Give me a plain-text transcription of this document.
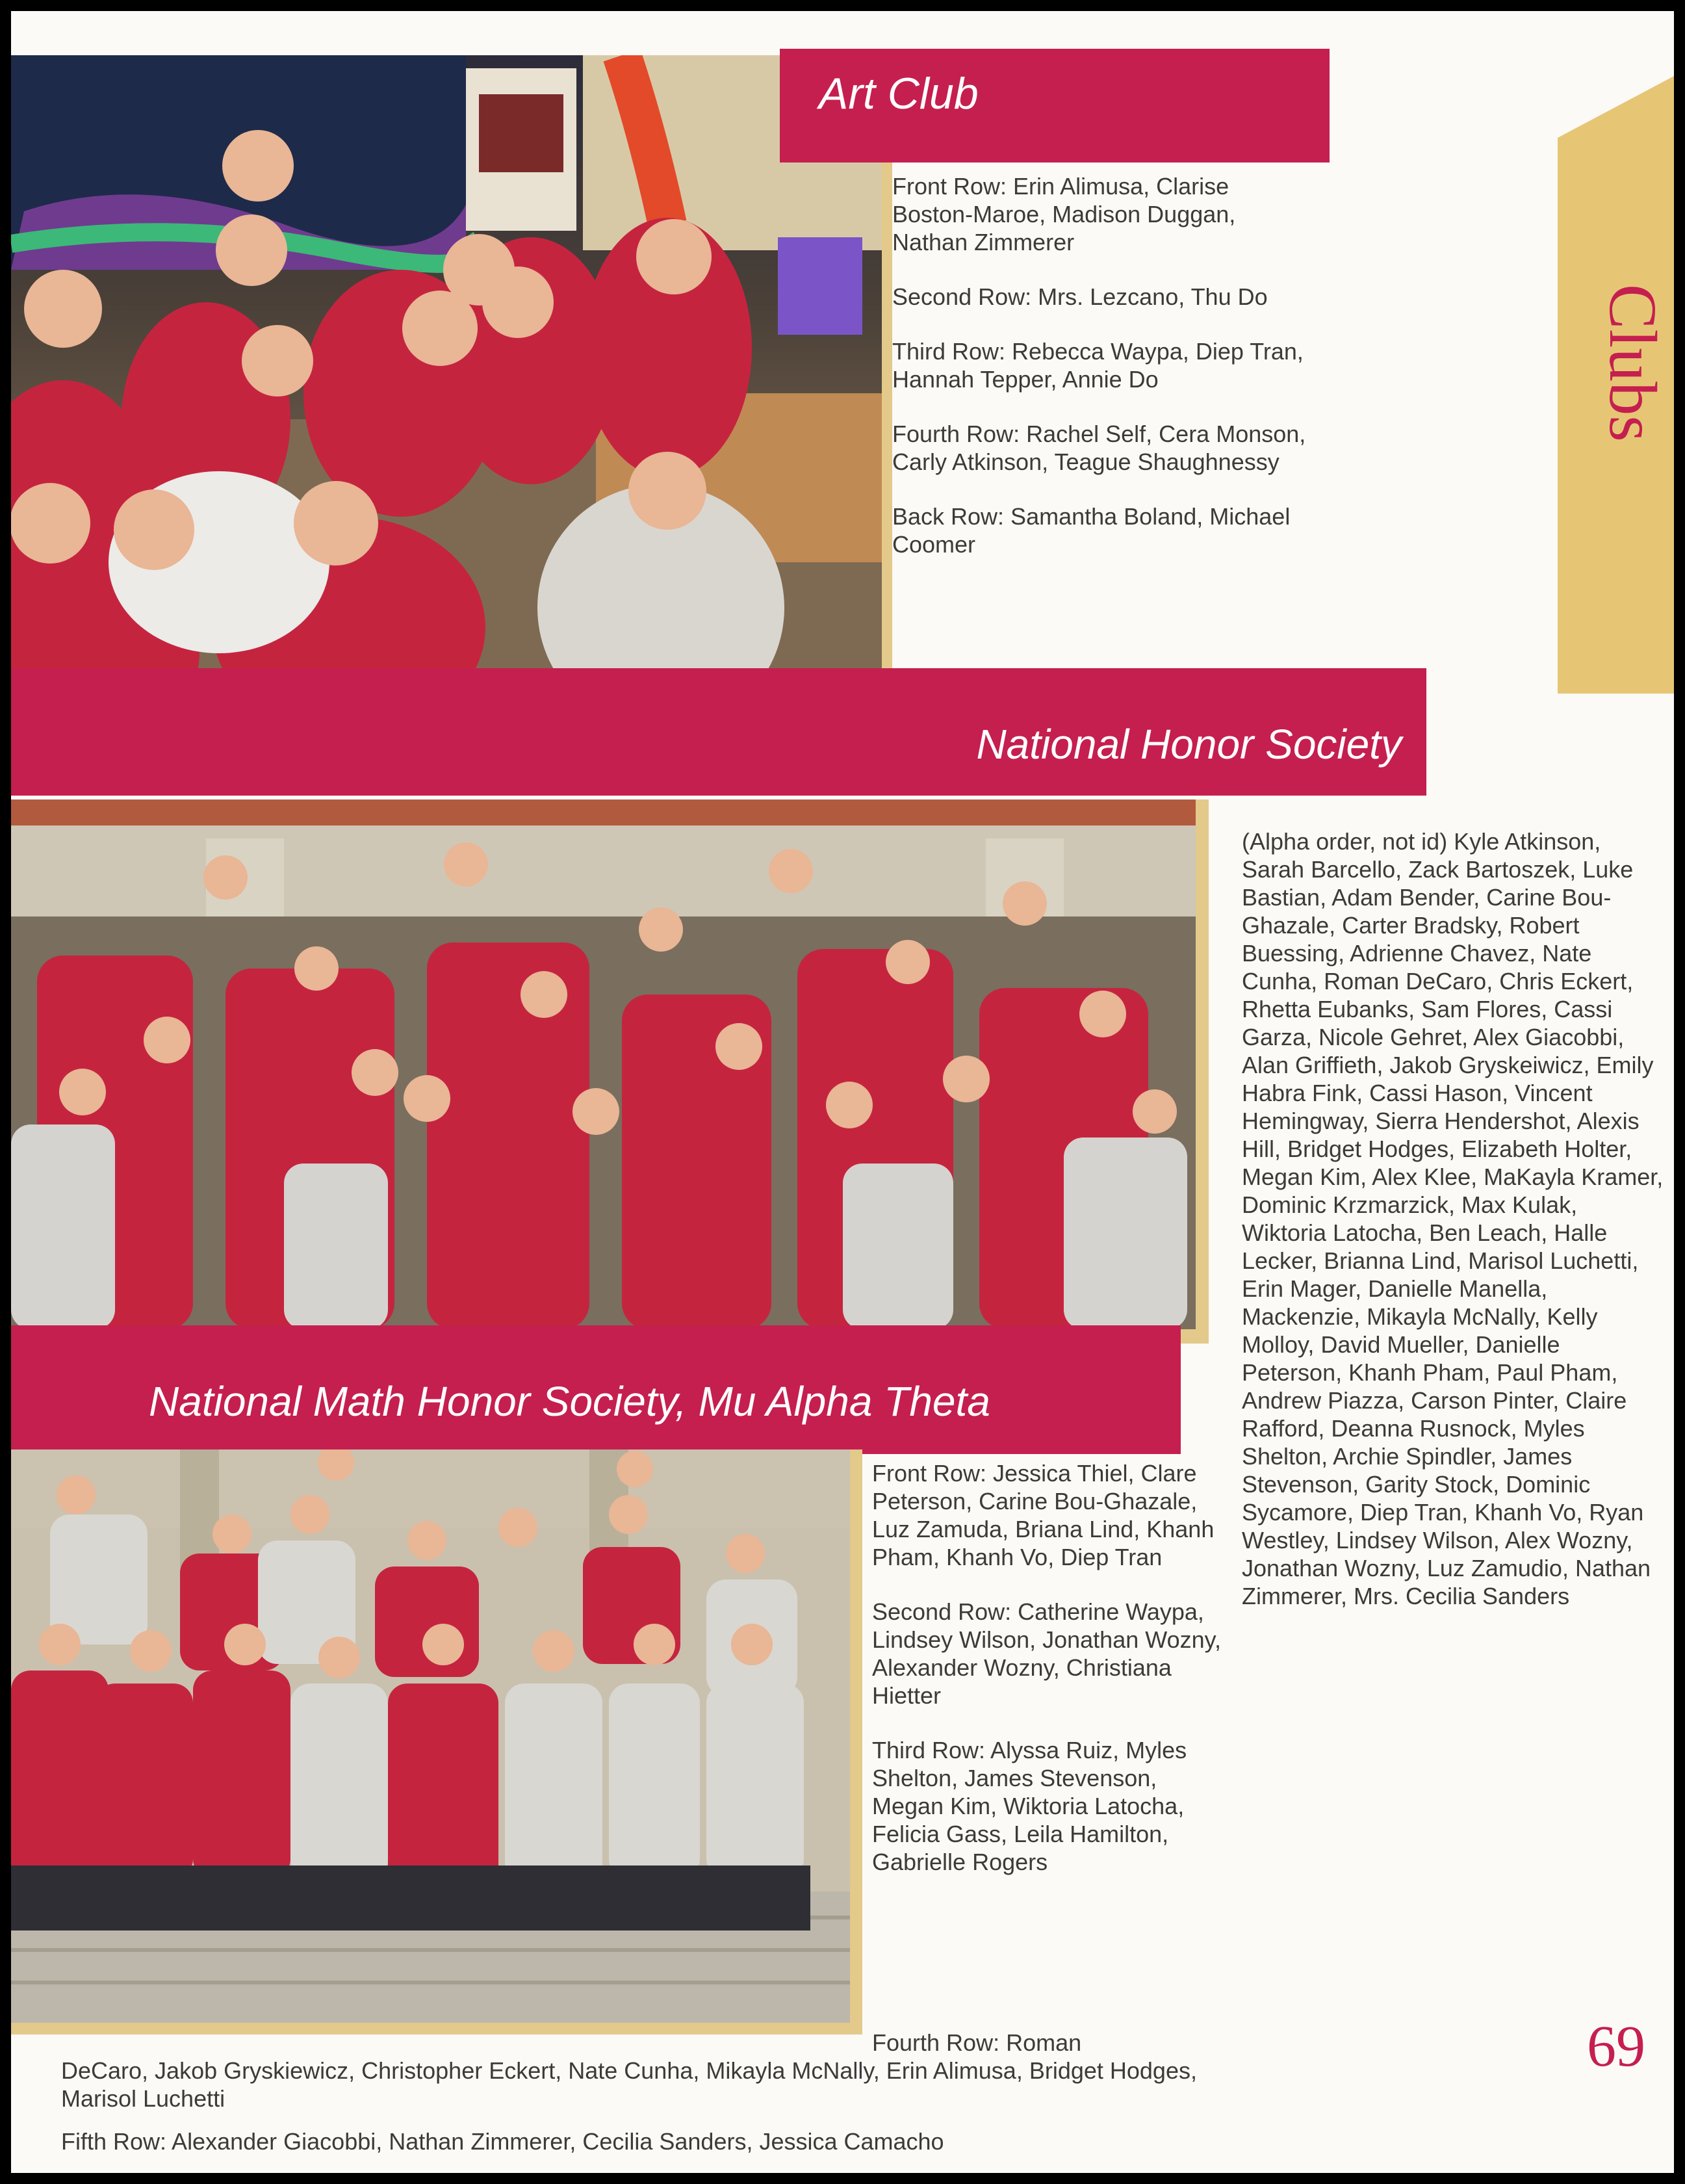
Clubs
Art Club

Front Row: Erin Alimusa, Clarise Boston-Maroe, Madison Duggan, Nathan Zimmerer

Second Row: Mrs. Lezcano, Thu Do

Third Row: Rebecca Waypa, Diep Tran, Hannah Tepper, Annie Do

Fourth Row: Rachel Self, Cera Monson, Carly Atkinson, Teague Shaughnessy

Back Row: Samantha Boland, Michael Coomer

National Honor Society
(Alpha order, not id) Kyle Atkinson, Sarah Barcello, Zack Bartoszek, Luke Bastian, Adam Bender, Carine Bou-Ghazale, Carter Bradsky, Robert Buessing, Adrienne Chavez, Nate Cunha, Roman DeCaro, Chris Eckert, Rhetta Eubanks, Sam Flores, Cassi Garza, Nicole Gehret, Alex Giacobbi, Alan Griffieth, Jakob Gryskeiwicz, Emily Habra Fink, Cassi Hason, Vincent Hemingway, Sierra Hendershot, Alexis Hill, Bridget Hodges, Elizabeth Holter, Megan Kim, Alex Klee, MaKayla Kramer, Dominic Krzmarzick, Max Kulak, Wiktoria Latocha, Ben Leach, Halle Lecker, Brianna Lind, Marisol Luchetti, Erin Mager, Danielle Manella, Mackenzie, Mikayla McNally, Kelly Molloy, David Mueller, Danielle Peterson, Khanh Pham, Paul Pham, Andrew Piazza, Carson Pinter, Claire Rafford, Deanna Rusnock, Myles Shelton, Archie Spindler, James Stevenson, Garity Stock, Dominic Sycamore, Diep Tran, Khanh Vo, Ryan Westley, Lindsey Wilson, Alex Wozny, Jonathan Wozny, Luz Zamudio, Nathan Zimmerer, Mrs. Cecilia Sanders
National Math Honor Society, Mu Alpha Theta

Front Row: Jessica Thiel, Clare Peterson, Carine Bou-Ghazale, Luz Zamuda, Briana Lind, Khanh Pham, Khanh Vo, Diep Tran

Second Row: Catherine Waypa, Lindsey Wilson, Jonathan Wozny, Alexander Wozny, Christiana Hietter

Third Row: Alyssa Ruiz, Myles Shelton, James Stevenson, Megan Kim, Wiktoria Latocha, Felicia Gass, Leila Hamilton, Gabrielle Rogers

Fourth Row: Roman
DeCaro, Jakob Gryskiewicz, Christopher Eckert, Nate Cunha, Mikayla McNally, Erin Alimusa, Bridget Hodges, Marisol Luchetti
Fifth Row: Alexander Giacobbi, Nathan Zimmerer, Cecilia Sanders, Jessica Camacho
69
